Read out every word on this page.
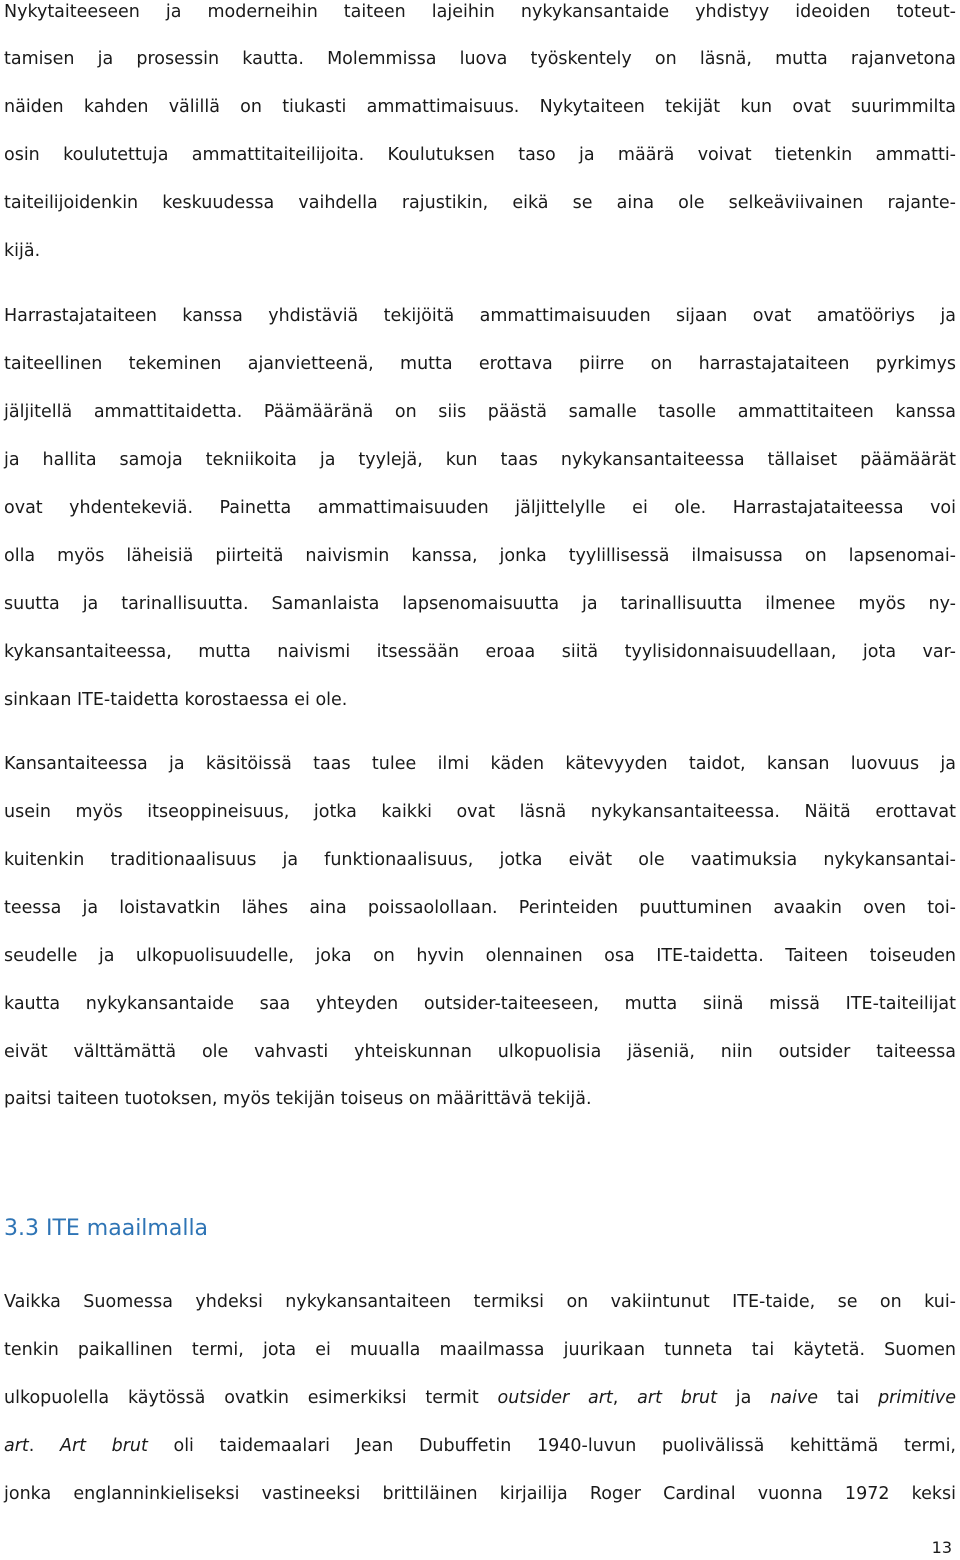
Nykytaiteeseen ja moderneihin taiteen lajeihin nykykansantaide yhdistyy ideoiden toteut-
tamisen ja prosessin kautta. Molemmissa luova työskentely on läsnä, mutta rajanvetona
näiden kahden välillä on tiukasti ammattimaisuus. Nykytaiteen tekijät kun ovat suurimmilta
osin koulutettuja ammattitaiteilijoita. Koulutuksen taso ja määrä voivat tietenkin ammatti-
taiteilijoidenkin keskuudessa vaihdella rajustikin, eikä se aina ole selkeäviivainen rajante-
kijä.
Harrastajataiteen kanssa yhdistäviä tekijöitä ammattimaisuuden sijaan ovat amatööriys ja
taiteellinen tekeminen ajanvietteenä, mutta erottava piirre on harrastajataiteen pyrkimys
jäljitellä ammattitaidetta. Päämääränä on siis päästä samalle tasolle ammattitaiteen kanssa
ja hallita samoja tekniikoita ja tyylejä, kun taas nykykansantaiteessa tällaiset päämäärät
ovat yhdentekeviä. Painetta ammattimaisuuden jäljittelylle ei ole. Harrastajataiteessa voi
olla myös läheisiä piirteitä naivismin kanssa, jonka tyylillisessä ilmaisussa on lapsenomai-
suutta ja tarinallisuutta. Samanlaista lapsenomaisuutta ja tarinallisuutta ilmenee myös ny-
kykansantaiteessa, mutta naivismi itsessään eroaa siitä tyylisidonnaisuudellaan, jota var-
sinkaan ITE-taidetta korostaessa ei ole.
Kansantaiteessa ja käsitöissä taas tulee ilmi käden kätevyyden taidot, kansan luovuus ja
usein myös itseoppineisuus, jotka kaikki ovat läsnä nykykansantaiteessa. Näitä erottavat
kuitenkin traditionaalisuus ja funktionaalisuus, jotka eivät ole vaatimuksia nykykansantai-
teessa ja loistavatkin lähes aina poissaolollaan. Perinteiden puuttuminen avaakin oven toi-
seudelle ja ulkopuolisuudelle, joka on hyvin olennainen osa ITE-taidetta. Taiteen toiseuden
kautta nykykansantaide saa yhteyden outsider-taiteeseen, mutta siinä missä ITE-taiteilijat
eivät välttämättä ole vahvasti yhteiskunnan ulkopuolisia jäseniä, niin outsider taiteessa
paitsi taiteen tuotoksen, myös tekijän toiseus on määrittävä tekijä.
3.3 ITE maailmalla
Vaikka Suomessa yhdeksi nykykansantaiteen termiksi on vakiintunut ITE-taide, se on kui-
tenkin paikallinen termi, jota ei muualla maailmassa juurikaan tunneta tai käytetä. Suomen
ulkopuolella käytössä ovatkin esimerkiksi termit outsider art, art brut ja naive tai primitive
art. Art brut oli taidemaalari Jean Dubuffetin 1940-luvun puolivälissä kehittämä termi,
jonka englanninkieliseksi vastineeksi brittiläinen kirjailija Roger Cardinal vuonna 1972 keksi
13
